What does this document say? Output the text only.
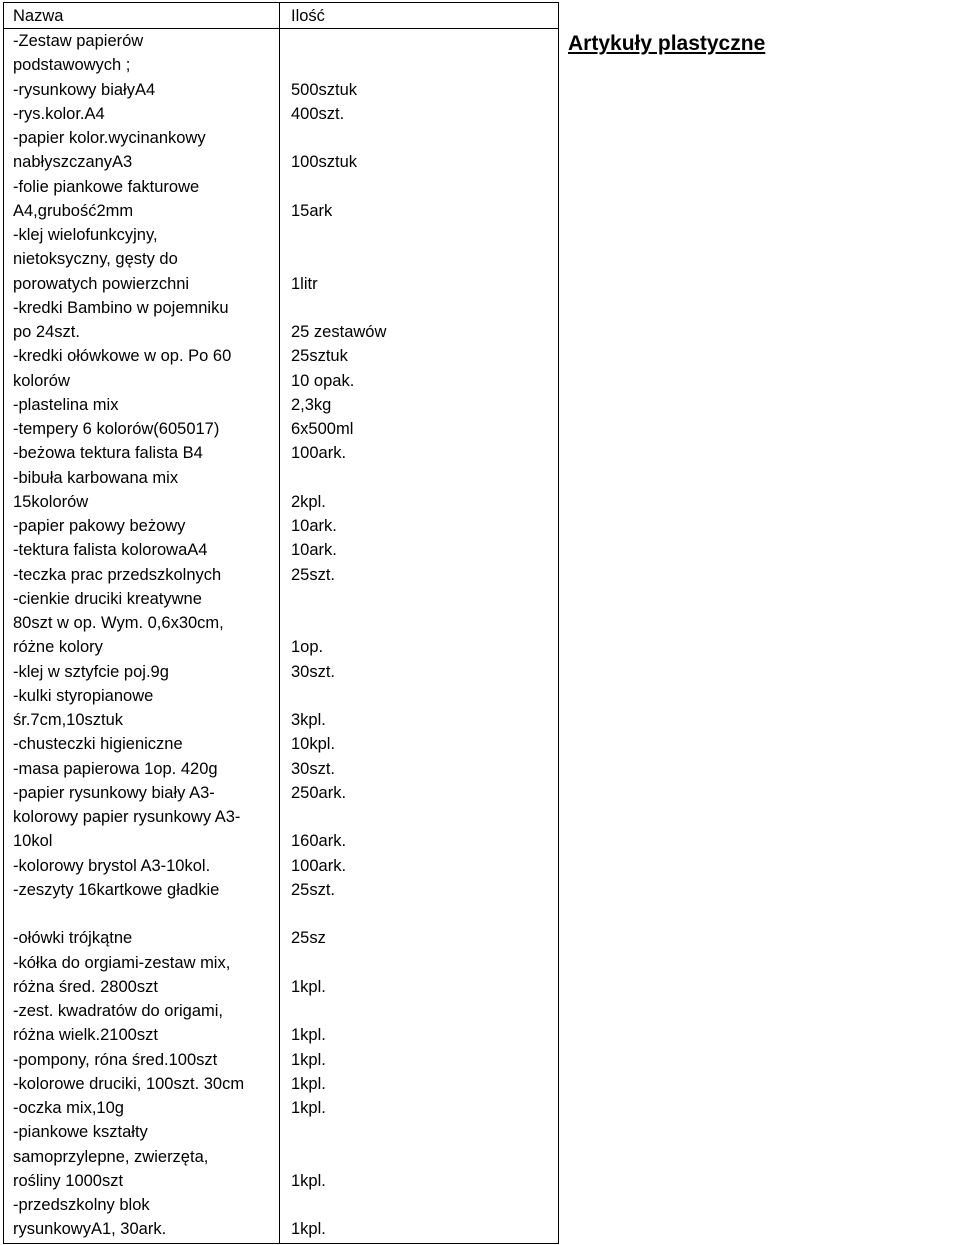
Nazwa	Ilość
Artykuły plastyczne
-Zestaw papierów
podstawowych ;
-rysunkowy białyA4
-rys.kolor.A4
-papier kolor.wycinankowy
nabłyszczanyA3
-folie piankowe fakturowe
A4,grubość2mm
-klej wielofunkcyjny,
nietoksyczny, gęsty do
porowatych powierzchni
-kredki Bambino w pojemniku
po 24szt.
-kredki ołówkowe w op. Po 60
kolorów
-plastelina mix
-tempery 6 kolorów(605017)
-beżowa tektura falista B4
-bibuła karbowana mix
15kolorów
-papier pakowy beżowy
-tektura falista kolorowaA4
-teczka prac przedszkolnych
-cienkie druciki kreatywne
80szt w op. Wym. 0,6x30cm,
różne kolory
-klej w sztyfcie poj.9g
-kulki styropianowe
śr.7cm,10sztuk
-chusteczki higieniczne
-masa papierowa 1op. 420g
-papier rysunkowy biały A3-
kolorowy papier rysunkowy A3-
10kol
-kolorowy brystol A3-10kol.
-zeszyty 16kartkowe gładkie
-ołówki trójkątne
-kółka do orgiami-zestaw mix,
różna śred. 2800szt
-zest. kwadratów do origami,
różna wielk.2100szt
-pompony, róna śred.100szt
-kolorowe druciki, 100szt. 30cm
-oczka mix,10g
-piankowe kształty
samoprzylepne, zwierzęta,
rośliny 1000szt
-przedszkolny blok
rysunkowyA1, 30ark.
500sztuk
400szt.
100sztuk
15ark
1litr
25 zestawów
25sztuk
10 opak.
2,3kg
6x500ml
100ark.
2kpl.
10ark.
10ark.
25szt.
1op.
30szt.
3kpl.
10kpl.
30szt.
250ark.
160ark.
100ark.
25szt.
25sz
1kpl.
1kpl.
1kpl.
1kpl.
1kpl.
1kpl.
1kpl.
